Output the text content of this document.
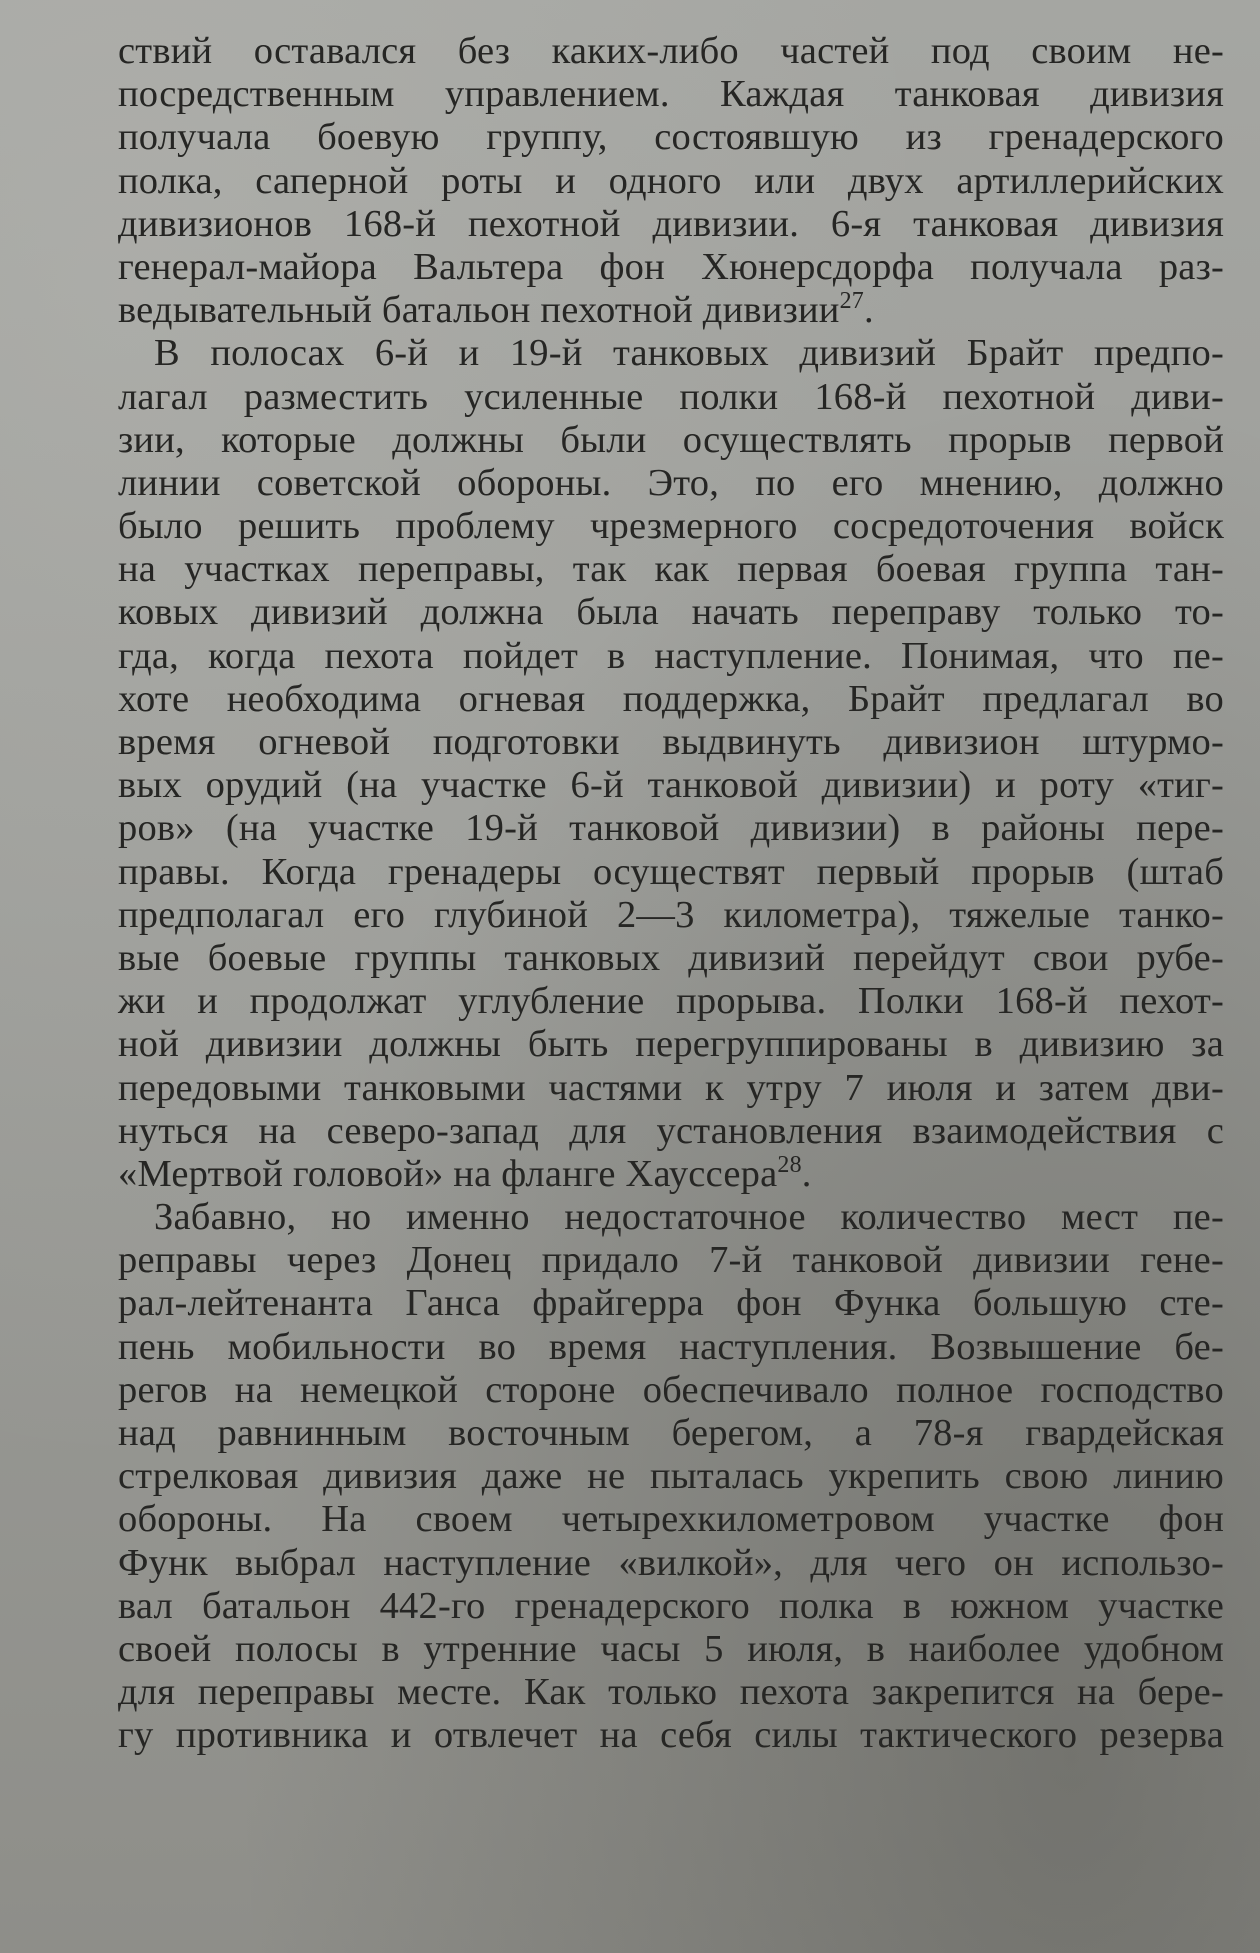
ствий оставался без каких-либо частей под своим не-
посредственным управлением. Каждая танковая дивизия
получала боевую группу, состоявшую из гренадерского
полка, саперной роты и одного или двух артиллерийских
дивизионов 168-й пехотной дивизии. 6-я танковая дивизия
генерал-майора Вальтера фон Хюнерсдорфа получала раз-
ведывательный батальон пехотной дивизии$^{27}$.
В полосах 6-й и 19-й танковых дивизий Брайт предпо-
лагал разместить усиленные полки 168-й пехотной диви-
зии, которые должны были осуществлять прорыв первой
линии советской обороны. Это, по его мнению, должно
было решить проблему чрезмерного сосредоточения войск
на участках переправы, так как первая боевая группа тан-
ковых дивизий должна была начать переправу только то-
гда, когда пехота пойдет в наступление. Понимая, что пе-
хоте необходима огневая поддержка, Брайт предлагал во
время огневой подготовки выдвинуть дивизион штурмо-
вых орудий (на участке 6-й танковой дивизии) и роту «тиг-
ров» (на участке 19-й танковой дивизии) в районы пере-
правы. Когда гренадеры осуществят первый прорыв (штаб
предполагал его глубиной 2—3 километра), тяжелые танко-
вые боевые группы танковых дивизий перейдут свои рубе-
жи и продолжат углубление прорыва. Полки 168-й пехот-
ной дивизии должны быть перегруппированы в дивизию за
передовыми танковыми частями к утру 7 июля и затем дви-
нуться на северо-запад для установления взаимодействия с
«Мертвой головой» на фланге Хауссера$^{28}$.
Забавно, но именно недостаточное количество мест пе-
реправы через Донец придало 7-й танковой дивизии гене-
рал-лейтенанта Ганса фрайгерра фон Функа большую сте-
пень мобильности во время наступления. Возвышение бе-
регов на немецкой стороне обеспечивало полное господство
над равнинным восточным берегом, а 78-я гвардейская
стрелковая дивизия даже не пыталась укрепить свою линию
обороны. На своем четырехкилометровом участке фон
Функ выбрал наступление «вилкой», для чего он использо-
вал батальон 442-го гренадерского полка в южном участке
своей полосы в утренние часы 5 июля, в наиболее удобном
для переправы месте. Как только пехота закрепится на бере-
гу противника и отвлечет на себя силы тактического резерва
